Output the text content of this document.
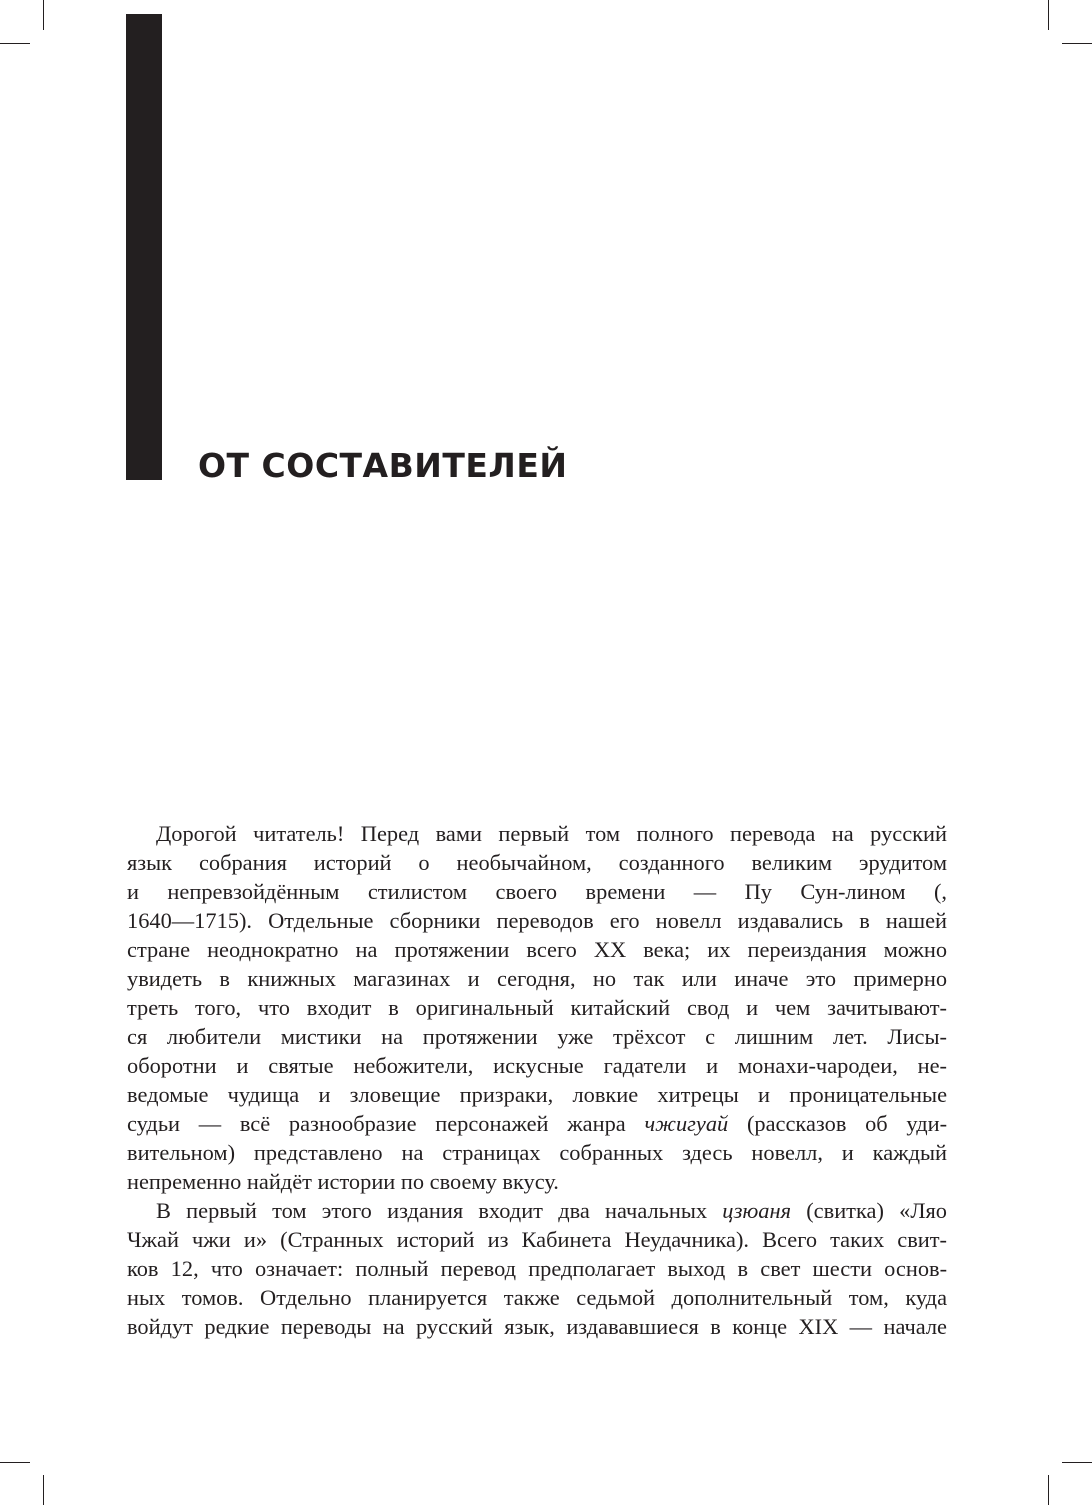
ОТ СОСТАВИТЕЛЕЙ

Дорогой читатель! Перед вами первый том полного перевода на русский
язык собрания историй о необычайном, созданного великим эрудитом
и непревзойдённым стилистом своего времени — Пу Сун-лином (,
1640—1715). Отдельные сборники переводов его новелл издавались в нашей
стране неоднократно на протяжении всего XX века; их переиздания можно
увидеть в книжных магазинах и сегодня, но так или иначе это примерно
треть того, что входит в оригинальный китайский свод и чем зачитывают-
ся любители мистики на протяжении уже трёхсот с лишним лет. Лисы-
оборотни и святые небожители, искусные гадатели и монахи-чародеи, не-
ведомые чудища и зловещие призраки, ловкие хитрецы и проницательные
судьи — всё разнообразие персонажей жанра чжигуай (рассказов об уди-
вительном) представлено на страницах собранных здесь новелл, и каждый
непременно найдёт истории по своему вкусу.

В первый том этого издания входит два начальных цзюаня (свитка) «Ляо
Чжай чжи и» (Странных историй из Кабинета Неудачника). Всего таких свит-
ков 12, что означает: полный перевод предполагает выход в свет шести основ-
ных томов. Отдельно планируется также седьмой дополнительный том, куда
войдут редкие переводы на русский язык, издававшиеся в конце XIX — начале
